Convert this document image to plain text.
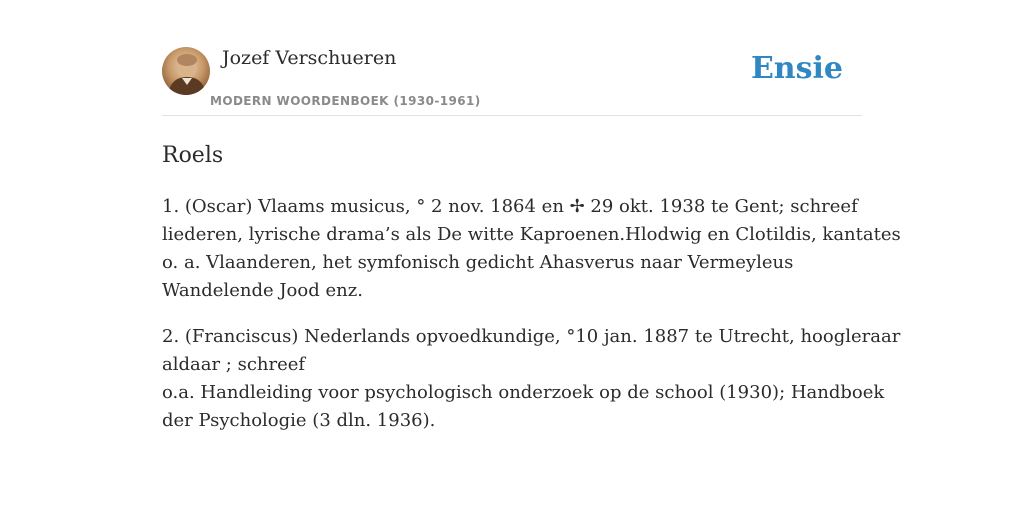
Jozef Verschueren
MODERN WOORDENBOEK (1930-1961)
Ensie
Roels

1. (Oscar) Vlaams musicus, ° 2 nov. 1864 en ✢ 29 okt. 1938 te Gent; schreef
liederen, lyrische drama’s als De witte Kaproenen.Hlodwig en Clotildis, kantates
o. a. Vlaanderen, het symfonisch gedicht Ahasverus naar Vermeyleus
Wandelende Jood enz.

2. (Franciscus) Nederlands opvoedkundige, °10 jan. 1887 te Utrecht, hoogleraar
aldaar ; schreef
o.a. Handleiding voor psychologisch onderzoek op de school (1930); Handboek
der Psychologie (3 dln. 1936).
